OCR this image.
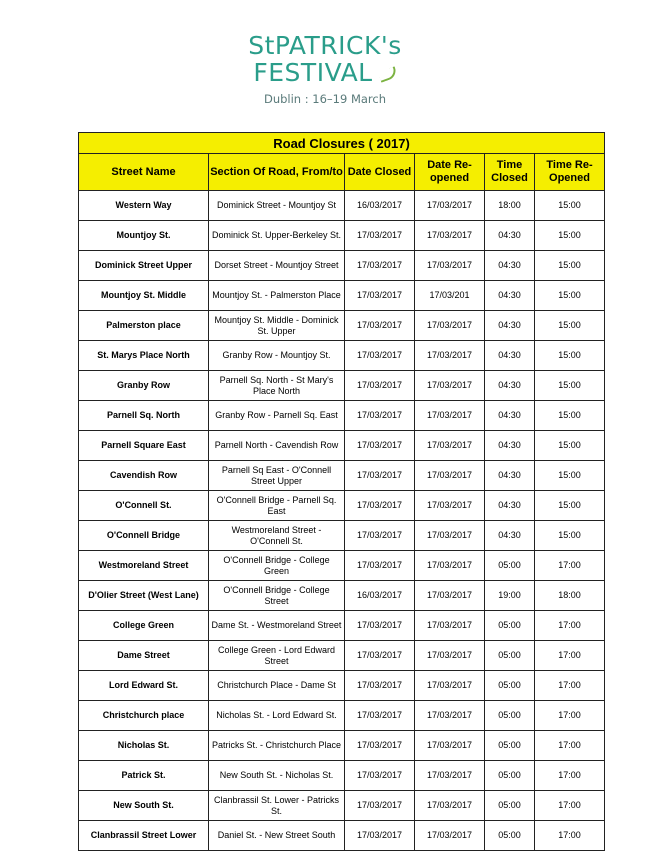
StPATRICK's
FESTIVAL
Dublin : 16–19 March
Road Closures ( 2017)					
Street Name	Section Of Road, From/to	Date Closed	Date Re-opened	Time Closed	Time Re-Opened
Western Way	Dominick Street - Mountjoy St	16/03/2017	17/03/2017	18:00	15:00
Mountjoy St.	Dominick St. Upper-Berkeley St.	17/03/2017	17/03/2017	04:30	15:00
Dominick Street Upper	Dorset Street - Mountjoy Street	17/03/2017	17/03/2017	04:30	15:00
Mountjoy St. Middle	Mountjoy St. - Palmerston Place	17/03/2017	17/03/201	04:30	15:00
Palmerston place	Mountjoy St. Middle - Dominick St. Upper	17/03/2017	17/03/2017	04:30	15:00
St. Marys Place North	Granby Row - Mountjoy St.	17/03/2017	17/03/2017	04:30	15:00
Granby Row	Parnell Sq. North - St Mary's Place North	17/03/2017	17/03/2017	04:30	15:00
Parnell Sq. North	Granby Row - Parnell Sq. East	17/03/2017	17/03/2017	04:30	15:00
Parnell Square East	Parnell North - Cavendish Row	17/03/2017	17/03/2017	04:30	15:00
Cavendish Row	Parnell Sq East - O'Connell Street Upper	17/03/2017	17/03/2017	04:30	15:00
O'Connell St.	O'Connell Bridge - Parnell Sq. East	17/03/2017	17/03/2017	04:30	15:00
O'Connell Bridge	Westmoreland Street - O'Connell St.	17/03/2017	17/03/2017	04:30	15:00
Westmoreland Street	O'Connell Bridge - College Green	17/03/2017	17/03/2017	05:00	17:00
D'Olier Street (West Lane)	O'Connell Bridge - College Street	16/03/2017	17/03/2017	19:00	18:00
College Green	Dame St. - Westmoreland Street	17/03/2017	17/03/2017	05:00	17:00
Dame Street	College Green - Lord Edward Street	17/03/2017	17/03/2017	05:00	17:00
Lord Edward St.	Christchurch Place - Dame St	17/03/2017	17/03/2017	05:00	17:00
Christchurch place	Nicholas St. - Lord Edward St.	17/03/2017	17/03/2017	05:00	17:00
Nicholas St.	Patricks St. - Christchurch Place	17/03/2017	17/03/2017	05:00	17:00
Patrick St.	New South St. - Nicholas St.	17/03/2017	17/03/2017	05:00	17:00
New South St.	Clanbrassil St. Lower - Patricks St.	17/03/2017	17/03/2017	05:00	17:00
Clanbrassil Street Lower	Daniel St. - New Street South	17/03/2017	17/03/2017	05:00	17:00
